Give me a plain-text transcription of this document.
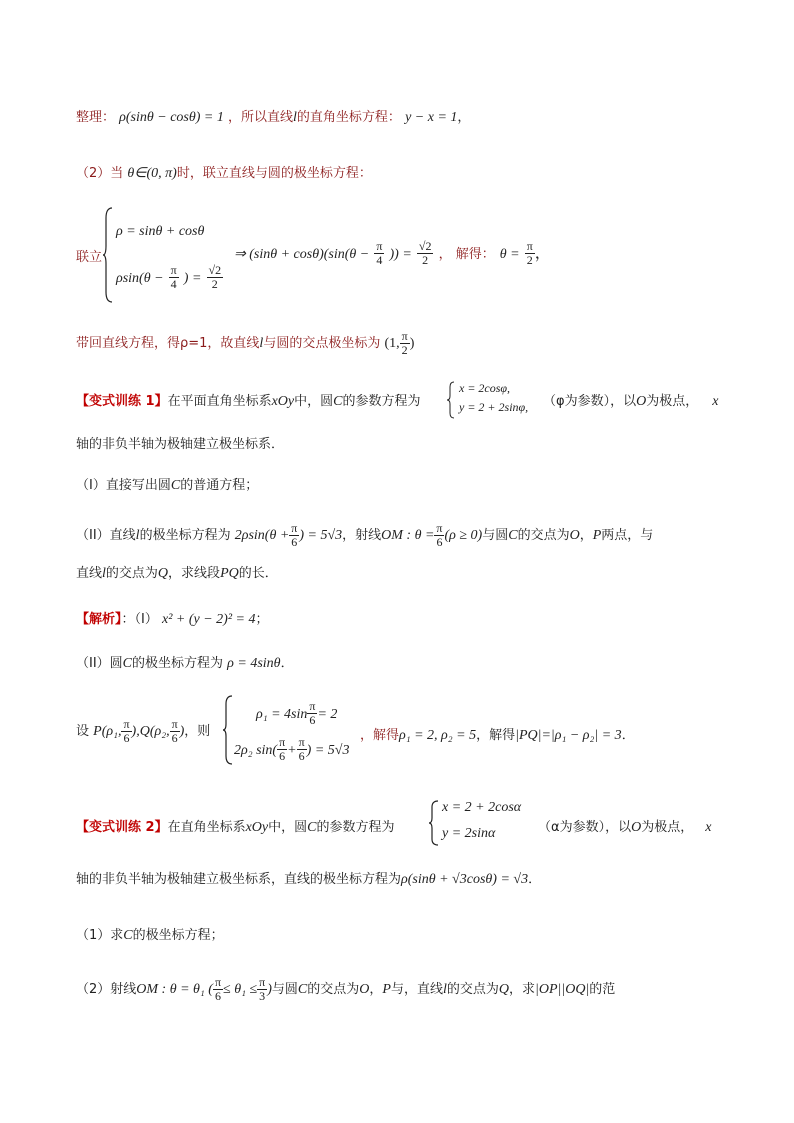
整理： ρ(sinθ − cosθ) = 1 ，所以直线l的直角坐标方程： y − x = 1，
（2）当 θ∈(0, π)时，联立直线与圆的极坐标方程：
联立
ρ = sinθ + cosθ
$\rho\sin(\theta - \frac{\pi}{4}$ ) = $\frac{√2}{2}$
⇒ $(\sin\theta + \cos\theta)(\sin(\theta - \frac{\pi}{4}$ )) = $\frac{√2}{2}$ ， 解得： $\theta = \frac{\pi}{2}$ ，
带回直线方程，得ρ=1，故直线l与圆的交点极坐标为 (1, $\frac{\pi}{2}$ )
【变式训练 1】在平面直角坐标系xOy中，圆C的参数方程为
x = 2cosφ,
y = 2 + 2sinφ, （φ为参数），以O为极点， x
轴的非负半轴为极轴建立极坐标系．
（I）直接写出圆C的普通方程；
（II）直线l的极坐标方程为 $2\rho\sin(\theta + \frac{\pi}{6}$ ) = 5√3，射线OM : $\theta = \frac{\pi}{6} (\rho \ge 0)$与圆C的交点为O，P两点，与
直线l的交点为Q，求线段PQ的长．
【解析】：（I） x² + (y − 2)² = 4；
（II）圆C的极坐标方程为 ρ = 4sinθ．
设 P(ρ₁, $\frac{\pi}{6} ),Q(\rho_2$, $\frac{\pi}{6}$ )，则
$\rho_1 = 4\sin \frac{\pi}{6} = 2$
2ρ₂ $\sin( \frac{\pi}{6} + \frac{\pi}{6}$ ) = 5√3
，解得ρ₁ = 2, ρ₂ = 5，解得|PQ|=|ρ₁ − ρ₂| = 3．
【变式训练 2】在直角坐标系xOy中，圆C的参数方程为
x = 2 + 2cosα
y = 2sinα	（α为参数），以O为极点， x
轴的非负半轴为极轴建立极坐标系，直线的极坐标方程为ρ(sinθ + √3cosθ) = √3．
（1）求C的极坐标方程；
（2）射线OM : θ = θ₁ ( $\frac{\pi}{6} \le \theta_1 \le \frac{\pi}{3}$ )与圆C的交点为O，P与，直线l的交点为Q，求|OP||OQ|的范
